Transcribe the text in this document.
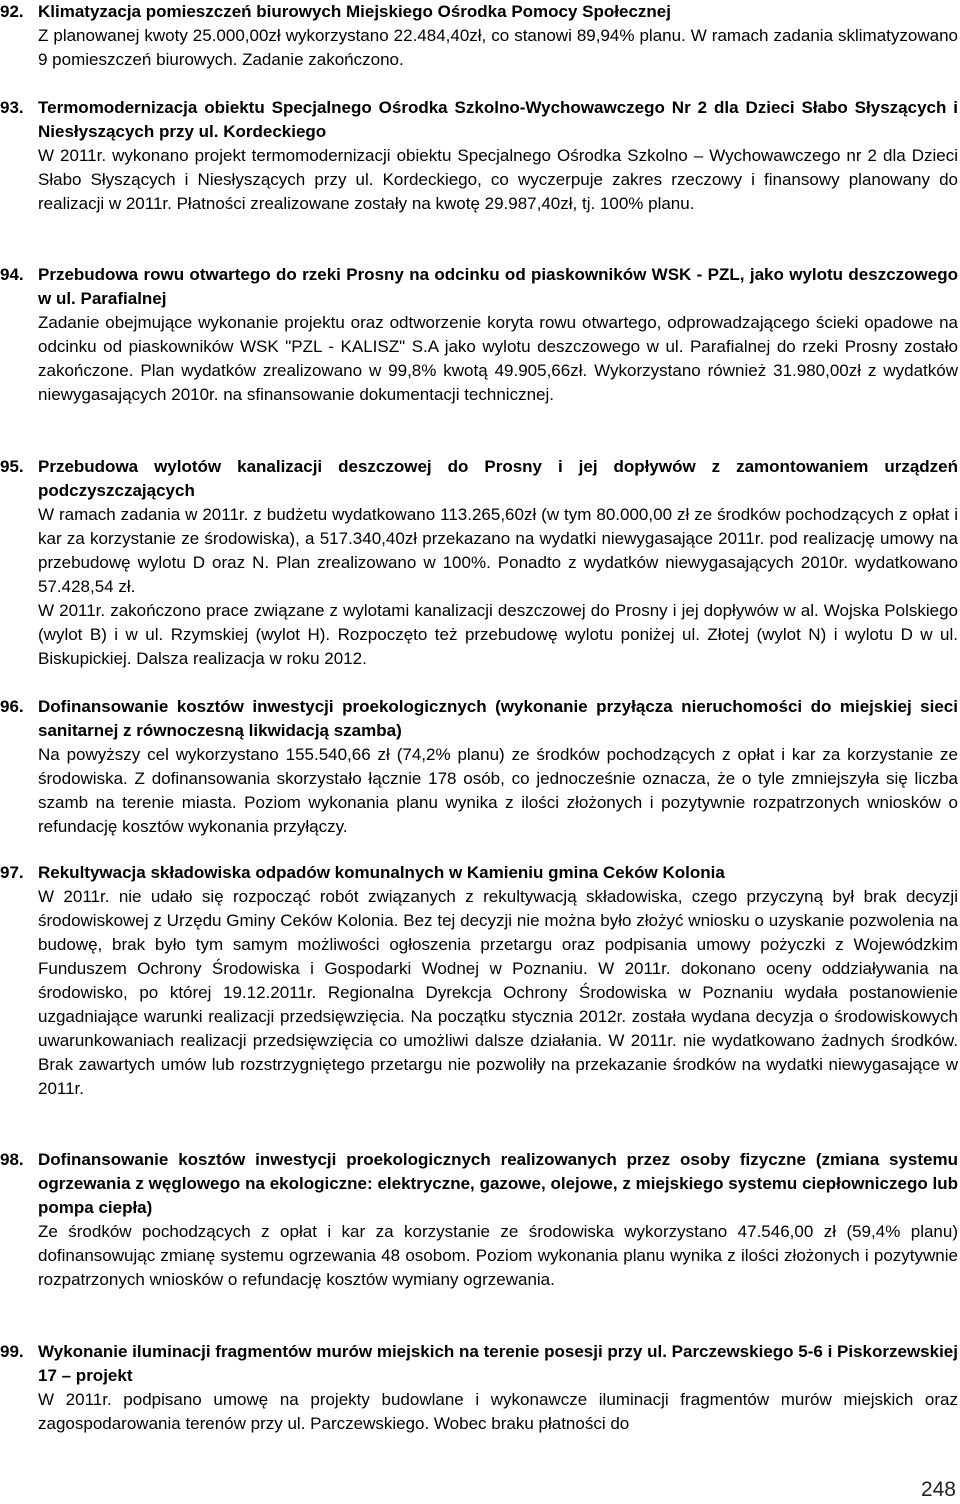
92. Klimatyzacja pomieszczeń biurowych Miejskiego Ośrodka Pomocy Społecznej
Z planowanej kwoty 25.000,00zł wykorzystano 22.484,40zł, co stanowi 89,94% planu. W ramach zadania sklimatyzowano 9 pomieszczeń biurowych. Zadanie zakończono.
93. Termomodernizacja obiektu Specjalnego Ośrodka Szkolno-Wychowawczego Nr 2 dla Dzieci Słabo Słyszących i Niesłyszących przy ul. Kordeckiego
W 2011r. wykonano projekt termomodernizacji obiektu Specjalnego Ośrodka Szkolno – Wychowawczego nr 2 dla Dzieci Słabo Słyszących i Niesłyszących przy ul. Kordeckiego, co wyczerpuje zakres rzeczowy i finansowy planowany do realizacji w 2011r. Płatności zrealizowane zostały na kwotę 29.987,40zł, tj. 100% planu.
94. Przebudowa rowu otwartego do rzeki Prosny na odcinku od piaskowników WSK - PZL, jako wylotu deszczowego w ul. Parafialnej
Zadanie obejmujące wykonanie projektu oraz odtworzenie koryta rowu otwartego, odprowadzającego ścieki opadowe na odcinku od piaskowników WSK "PZL - KALISZ" S.A jako wylotu deszczowego w ul. Parafialnej do rzeki Prosny zostało zakończone. Plan wydatków zrealizowano w 99,8% kwotą 49.905,66zł. Wykorzystano również 31.980,00zł z wydatków niewygasających 2010r. na sfinansowanie dokumentacji technicznej.
95. Przebudowa wylotów kanalizacji deszczowej do Prosny i jej dopływów z zamontowaniem urządzeń podczyszczających
W ramach zadania w 2011r. z budżetu wydatkowano 113.265,60zł (w tym 80.000,00 zł ze środków pochodzących z opłat i kar za korzystanie ze środowiska), a 517.340,40zł przekazano na wydatki niewygasające 2011r. pod realizację umowy na przebudowę wylotu D oraz N. Plan zrealizowano w 100%. Ponadto z wydatków niewygasających 2010r. wydatkowano 57.428,54 zł.
W 2011r. zakończono prace związane z wylotami kanalizacji deszczowej do Prosny i jej dopływów w al. Wojska Polskiego (wylot B) i w ul. Rzymskiej (wylot H). Rozpoczęto też przebudowę wylotu poniżej ul. Złotej (wylot N) i wylotu D w ul. Biskupickiej. Dalsza realizacja w roku 2012.
96. Dofinansowanie kosztów inwestycji proekologicznych (wykonanie przyłącza nieruchomości do miejskiej sieci sanitarnej z równoczesną likwidacją szamba)
Na powyższy cel wykorzystano 155.540,66 zł (74,2% planu) ze środków pochodzących z opłat i kar za korzystanie ze środowiska. Z dofinansowania skorzystało łącznie 178 osób, co jednocześnie oznacza, że o tyle zmniejszyła się liczba szamb na terenie miasta. Poziom wykonania planu wynika z ilości złożonych i pozytywnie rozpatrzonych wniosków o refundację kosztów wykonania przyłączy.
97. Rekultywacja składowiska odpadów komunalnych w Kamieniu gmina Ceków Kolonia
W 2011r. nie udało się rozpocząć robót związanych z rekultywacją składowiska, czego przyczyną był brak decyzji środowiskowej z Urzędu Gminy Ceków Kolonia. Bez tej decyzji nie można było złożyć wniosku o uzyskanie pozwolenia na budowę, brak było tym samym możliwości ogłoszenia przetargu oraz podpisania umowy pożyczki z Wojewódzkim Funduszem Ochrony Środowiska i Gospodarki Wodnej w Poznaniu. W 2011r. dokonano oceny oddziaływania na środowisko, po której 19.12.2011r. Regionalna Dyrekcja Ochrony Środowiska w Poznaniu wydała postanowienie uzgadniające warunki realizacji przedsięwzięcia. Na początku stycznia 2012r. została wydana decyzja o środowiskowych uwarunkowaniach realizacji przedsięwzięcia co umożliwi dalsze działania. W 2011r. nie wydatkowano żadnych środków. Brak zawartych umów lub rozstrzygniętego przetargu nie pozwoliły na przekazanie środków na wydatki niewygasające w 2011r.
98. Dofinansowanie kosztów inwestycji proekologicznych realizowanych przez osoby fizyczne (zmiana systemu ogrzewania z węglowego na ekologiczne: elektryczne, gazowe, olejowe, z miejskiego systemu ciepłowniczego lub pompa ciepła)
Ze środków pochodzących z opłat i kar za korzystanie ze środowiska wykorzystano 47.546,00 zł (59,4% planu) dofinansowując zmianę systemu ogrzewania 48 osobom. Poziom wykonania planu wynika z ilości złożonych i pozytywnie rozpatrzonych wniosków o refundację kosztów wymiany ogrzewania.
99. Wykonanie iluminacji fragmentów murów miejskich na terenie posesji przy ul. Parczewskiego 5-6 i Piskorzewskiej 17 – projekt
W 2011r. podpisano umowę na projekty budowlane i wykonawcze iluminacji fragmentów murów miejskich oraz zagospodarowania terenów przy ul. Parczewskiego. Wobec braku płatności do
248
